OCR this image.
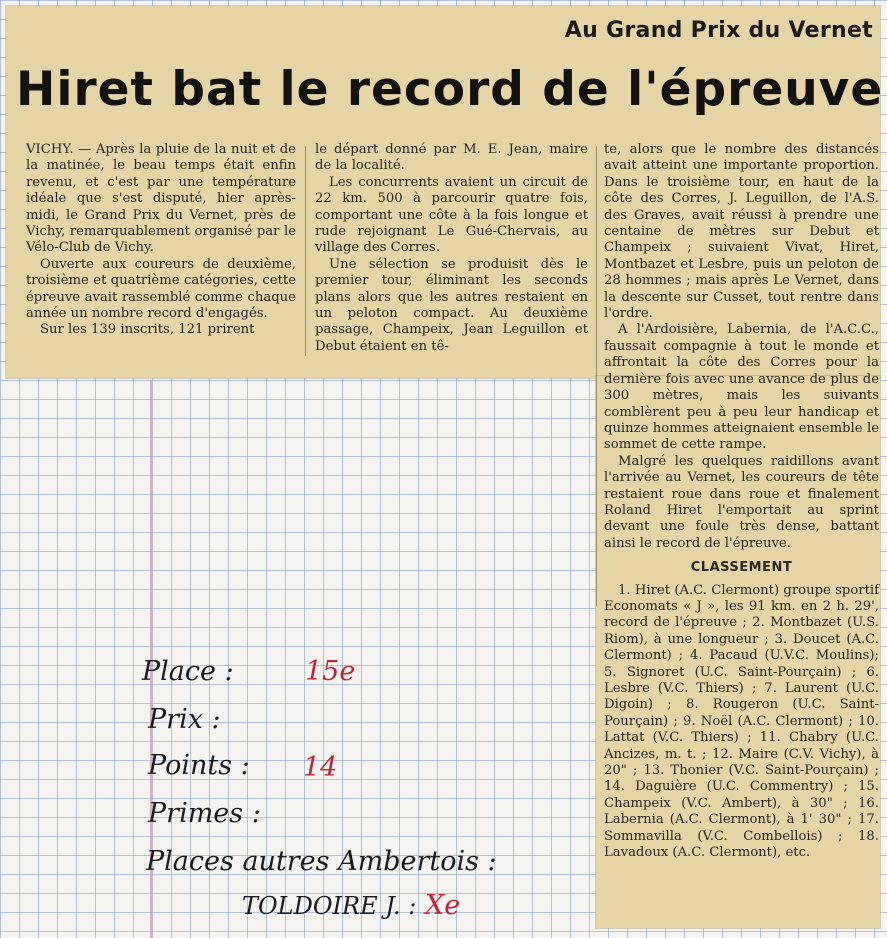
Au Grand Prix du Vernet
Hiret bat le record de l'épreuve

VICHY. — Après la pluie de la nuit et de la matinée, le beau temps était enfin revenu, et c'est par une température idéale que s'est disputé, hier après-midi, le Grand Prix du Vernet, près de Vichy, remarquablement organisé par le Vélo-Club de Vichy.

Ouverte aux coureurs de deuxième, troisième et quatrième catégories, cette épreuve avait rassemblé comme chaque année un nombre record d'engagés.

Sur les 139 inscrits, 121 prirent

le départ donné par M. E. Jean, maire de la localité.

Les concurrents avaient un circuit de 22 km. 500 à parcourir quatre fois, comportant une côte à la fois longue et rude rejoignant Le Gué-Chervais, au village des Corres.

Une sélection se produisit dès le premier tour, éliminant les seconds plans alors que les autres restaient en un peloton compact. Au deuxième passage, Champeix, Jean Leguillon et Debut étaient en tê-

te, alors que le nombre des distancés avait atteint une importante proportion. Dans le troisième tour, en haut de la côte des Corres, J. Leguillon, de l'A.S. des Graves, avait réussi à prendre une centaine de mètres sur Debut et Champeix ; suivaient Vivat, Hiret, Montbazet et Lesbre, puis un peloton de 28 hommes ; mais après Le Vernet, dans la descente sur Cusset, tout rentre dans l'ordre.

A l'Ardoisière, Labernia, de l'A.C.C., faussait compagnie à tout le monde et affrontait la côte des Corres pour la dernière fois avec une avance de plus de 300 mètres, mais les suivants comblèrent peu à peu leur handicap et quinze hommes atteignaient ensemble le sommet de cette rampe.

Malgré les quelques raidillons avant l'arrivée au Vernet, les coureurs de tête restaient roue dans roue et finalement Roland Hiret l'emportait au sprint devant une foule très dense, battant ainsi le record de l'épreuve.

CLASSEMENT

1. Hiret (A.C. Clermont) groupe sportif Economats « J », les 91 km. en 2 h. 29', record de l'épreuve ; 2. Montbazet (U.S. Riom), à une longueur ; 3. Doucet (A.C. Clermont) ; 4. Pacaud (U.V.C. Moulins); 5. Signoret (U.C. Saint-Pourçain) ; 6. Lesbre (V.C. Thiers) ; 7. Laurent (U.C. Digoin) ; 8. Rougeron (U.C. Saint-Pourçain) ; 9. Noël (A.C. Clermont) ; 10. Lattat (V.C. Thiers) ; 11. Chabry (U.C. Ancizes, m. t. ; 12. Maire (C.V. Vichy), à 20" ; 13. Thonier (V.C. Saint-Pourçain) ; 14. Daguière (U.C. Commentry) ; 15. Champeix (V.C. Ambert), à 30" ; 16. Labernia (A.C. Clermont), à 1' 30" ; 17. Sommavilla (V.C. Combellois) ; 18. Lavadoux (A.C. Clermont), etc.

Place :	15e
Prix :
Points : 14
Primes :
Places autres Ambertois :
TOLDOIRE J. : Xe
